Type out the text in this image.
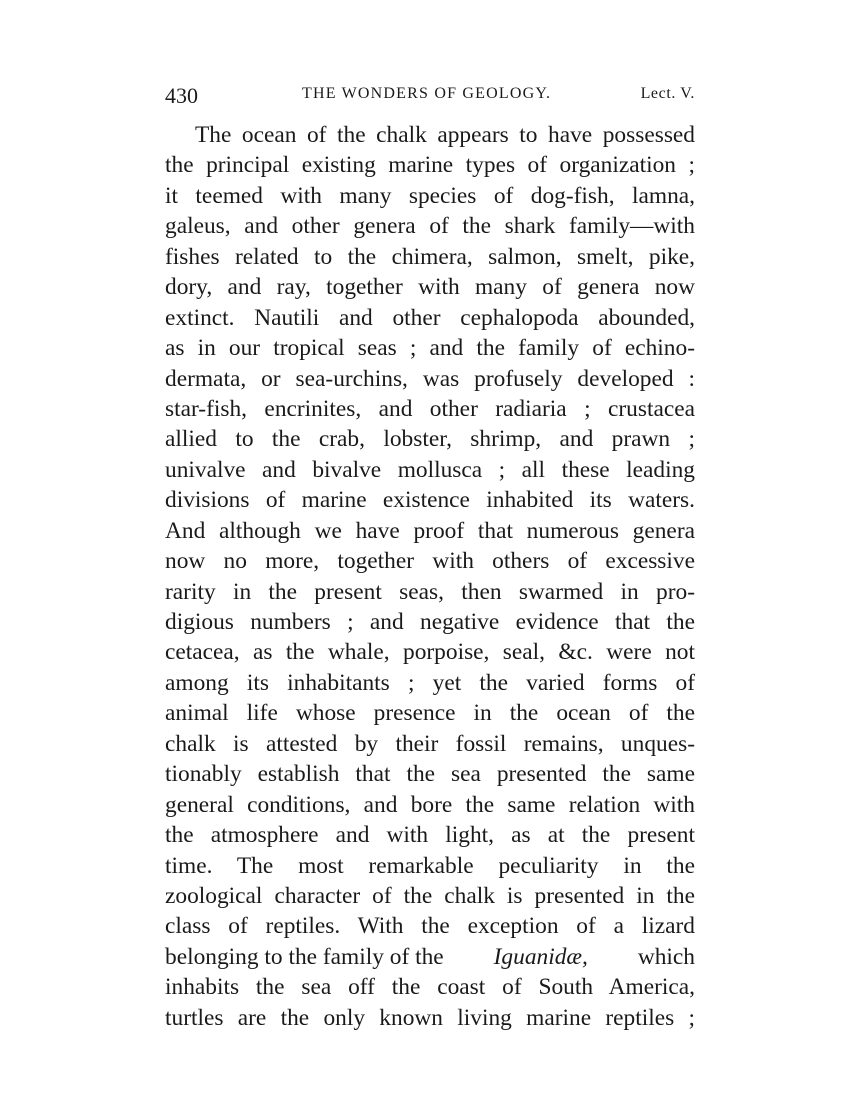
430	THE WONDERS OF GEOLOGY.	Lect. V.
The ocean of the chalk appears to have possessed
the principal existing marine types of organization ;
it teemed with many species of dog-fish, lamna,
galeus, and other genera of the shark family—with
fishes related to the chimera, salmon, smelt, pike,
dory, and ray, together with many of genera now
extinct. Nautili and other cephalopoda abounded,
as in our tropical seas ; and the family of echino-
dermata, or sea-urchins, was profusely developed :
star-fish, encrinites, and other radiaria ; crustacea
allied to the crab, lobster, shrimp, and prawn ;
univalve and bivalve mollusca ; all these leading
divisions of marine existence inhabited its waters.
And although we have proof that numerous genera
now no more, together with others of excessive
rarity in the present seas, then swarmed in pro-
digious numbers ; and negative evidence that the
cetacea, as the whale, porpoise, seal, &c. were not
among its inhabitants ; yet the varied forms of
animal life whose presence in the ocean of the
chalk is attested by their fossil remains, unques-
tionably establish that the sea presented the same
general conditions, and bore the same relation with
the atmosphere and with light, as at the present
time. The most remarkable peculiarity in the
zoological character of the chalk is presented in the
class of reptiles. With the exception of a lizard
belonging to the family of the Iguanidæ, which
inhabits the sea off the coast of South America,
turtles are the only known living marine reptiles ;
